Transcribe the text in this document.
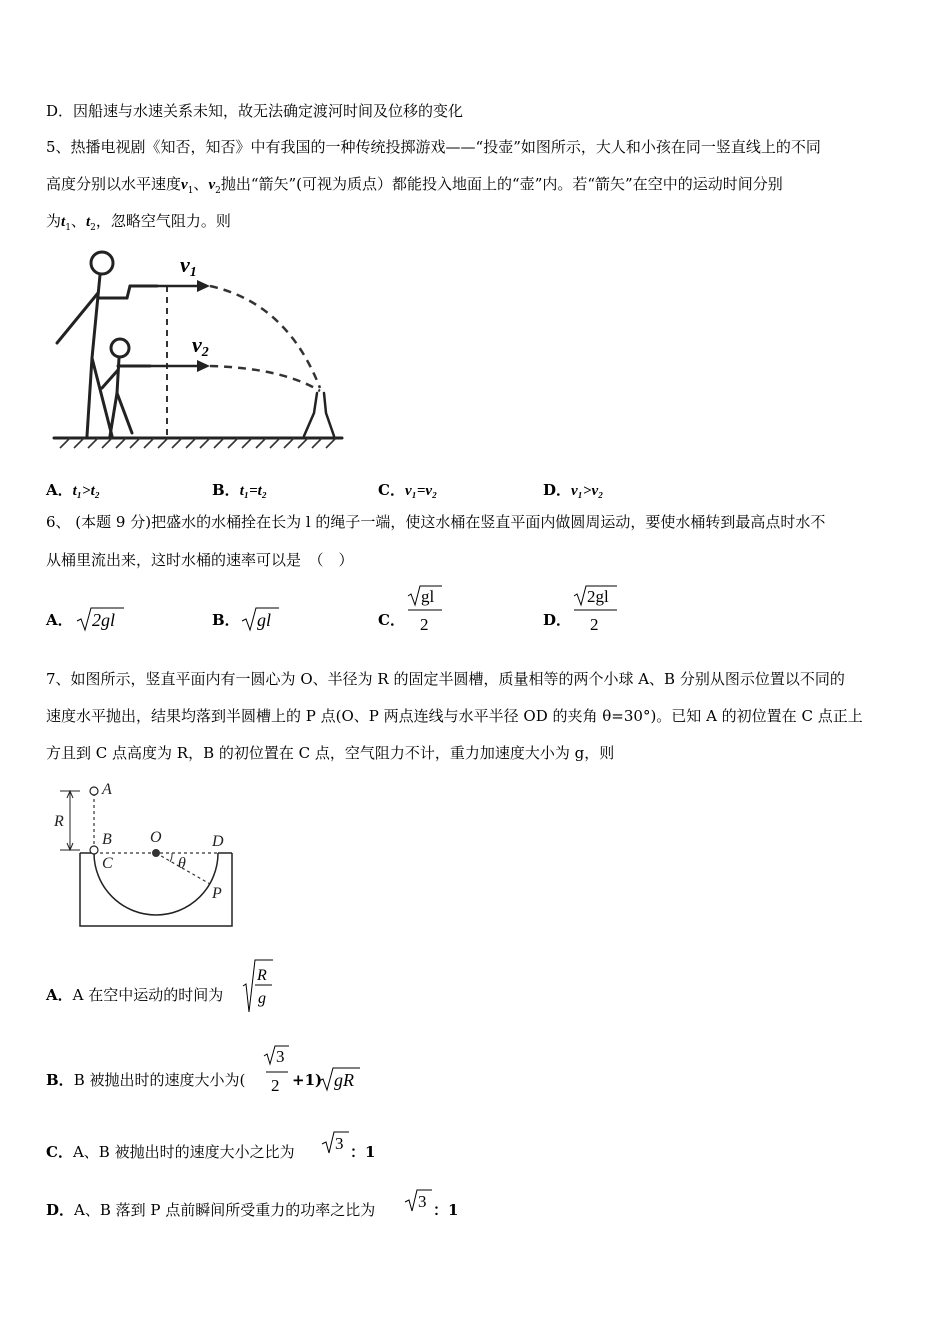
D．因船速与水速关系未知，故无法确定渡河时间及位移的变化
5、热播电视剧《知否，知否》中有我国的一种传统投掷游戏——“投壶”如图所示，大人和小孩在同一竖直线上的不同
高度分别以水平速度$v_1$、$v_2$抛出“箭矢”(可视为质点）都能投入地面上的“壶”内。若“箭矢”在空中的运动时间分别
为$t_1$、$t_2$，忽略空气阻力。则
v1
v2
A．t₁>t₂	B．t₁=t₂	C．v₁=v₂	D．v₁>v₂
6、 (本题 9 分)把盛水的水桶拴在长为 l 的绳子一端，使这水桶在竖直平面内做圆周运动，要使水桶转到最高点时水不
从桶里流出来，这时水桶的速率可以是　（　）
A． 2gl	B． gl	C．
gl
2	D．
2gl
2
7、如图所示，竖直平面内有一圆心为 O、半径为 R 的固定半圆槽，质量相等的两个小球 A、B 分别从图示位置以不同的
速度水平抛出，结果均落到半圆槽上的 P 点(O、P 两点连线与水平半径 OD 的夹角 θ=30°)。已知 A 的初位置在 C 点正上
方且到 C 点高度为 R，B 的初位置在 C 点，空气阻力不计，重力加速度大小为 g，则
A
R
B O	D
C	θ
P
A．A 在空中运动的时间为
R
g
B．B 被抛出时的速度大小为(
3
2 +1) gR
C．A、B 被抛出时的速度大小之比为 3 ：1
D．A、B 落到 P 点前瞬间所受重力的功率之比为	3 ：1
